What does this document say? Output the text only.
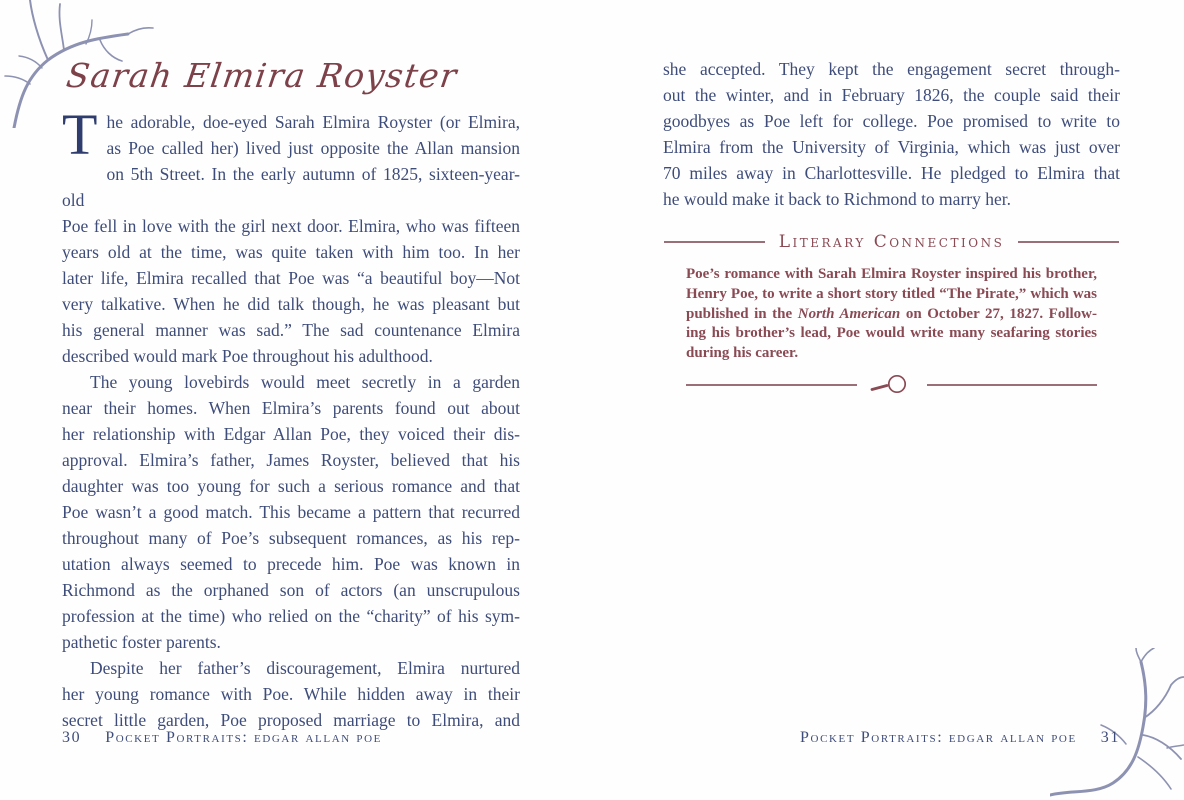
Sarah Elmira Royster
T he adorable, doe-eyed Sarah Elmira Royster (or Elmira,
as Poe called her) lived just opposite the Allan mansion
on 5th Street. In the early autumn of 1825, sixteen-year-old
Poe fell in love with the girl next door. Elmira, who was fifteen
years old at the time, was quite taken with him too. In her
later life, Elmira recalled that Poe was “a beautiful boy—Not
very talkative. When he did talk though, he was pleasant but
his general manner was sad.” The sad countenance Elmira
described would mark Poe throughout his adulthood.
The young lovebirds would meet secretly in a garden
near their homes. When Elmira’s parents found out about
her relationship with Edgar Allan Poe, they voiced their dis-
approval. Elmira’s father, James Royster, believed that his
daughter was too young for such a serious romance and that
Poe wasn’t a good match. This became a pattern that recurred
throughout many of Poe’s subsequent romances, as his rep-
utation always seemed to precede him. Poe was known in
Richmond as the orphaned son of actors (an unscrupulous
profession at the time) who relied on the “charity” of his sym-
pathetic foster parents.
Despite her father’s discouragement, Elmira nurtured
her young romance with Poe. While hidden away in their
secret little garden, Poe proposed marriage to Elmira, and
30 Pocket Portraits: edgar allan poe
she accepted. They kept the engagement secret through-
out the winter, and in February 1826, the couple said their
goodbyes as Poe left for college. Poe promised to write to
Elmira from the University of Virginia, which was just over
70 miles away in Charlottesville. He pledged to Elmira that
he would make it back to Richmond to marry her.
Literary Connections
Poe’s romance with Sarah Elmira Royster inspired his brother,
Henry Poe, to write a short story titled “The Pirate,” which was
published in the North American on October 27, 1827. Follow-
ing his brother’s lead, Poe would write many seafaring stories
during his career.
Pocket Portraits: edgar allan poe 31
